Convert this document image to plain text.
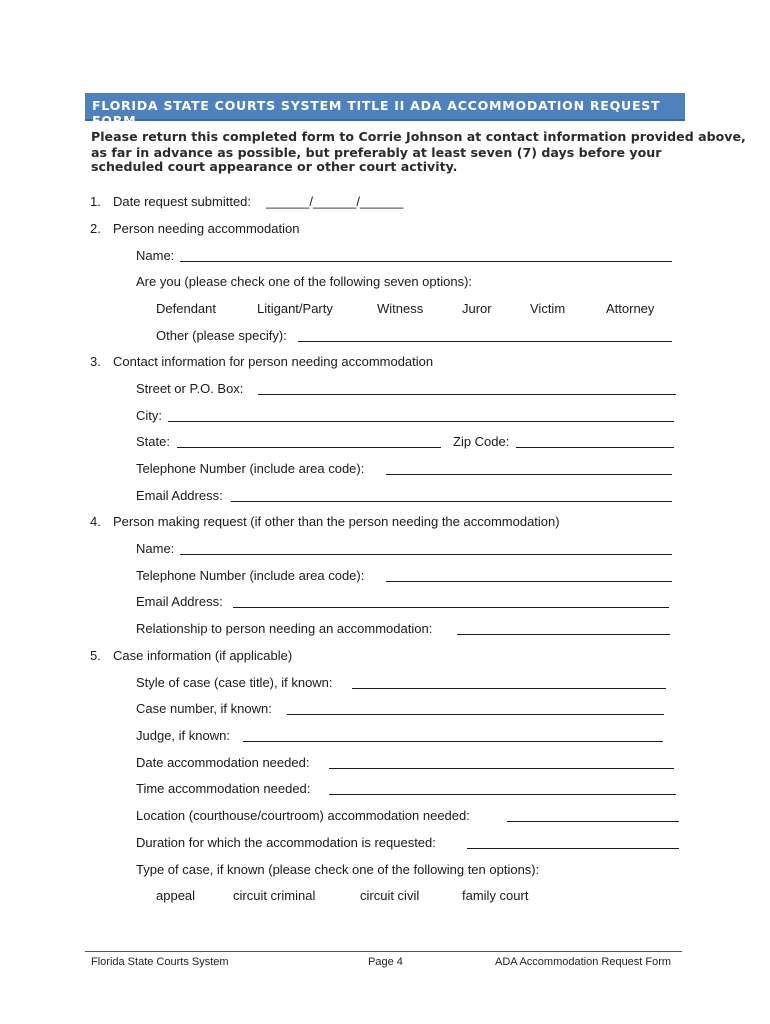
FLORIDA STATE COURTS SYSTEM TITLE II ADA ACCOMMODATION REQUEST FORM
Please return this completed form to Corrie Johnson at contact information provided above,
as far in advance as possible, but preferably at least seven (7) days before your
scheduled court appearance or other court activity.
1. Date request submitted: ______/______/______
2. Person needing accommodation
Name:
Are you (please check one of the following seven options):
Defendant	Litigant/Party	Witness	Juror	Victim	Attorney
Other (please specify):
3. Contact information for person needing accommodation
Street or P.O. Box:
City:
State:	Zip Code:
Telephone Number (include area code):
Email Address:
4. Person making request (if other than the person needing the accommodation)
Name:
Telephone Number (include area code):
Email Address:
Relationship to person needing an accommodation:
5. Case information (if applicable)
Style of case (case title), if known:
Case number, if known:
Judge, if known:
Date accommodation needed:
Time accommodation needed:
Location (courthouse/courtroom) accommodation needed:
Duration for which the accommodation is requested:
Type of case, if known (please check one of the following ten options):
appeal	circuit criminal	circuit civil	family court
Florida State Courts System	Page 4	ADA Accommodation Request Form
